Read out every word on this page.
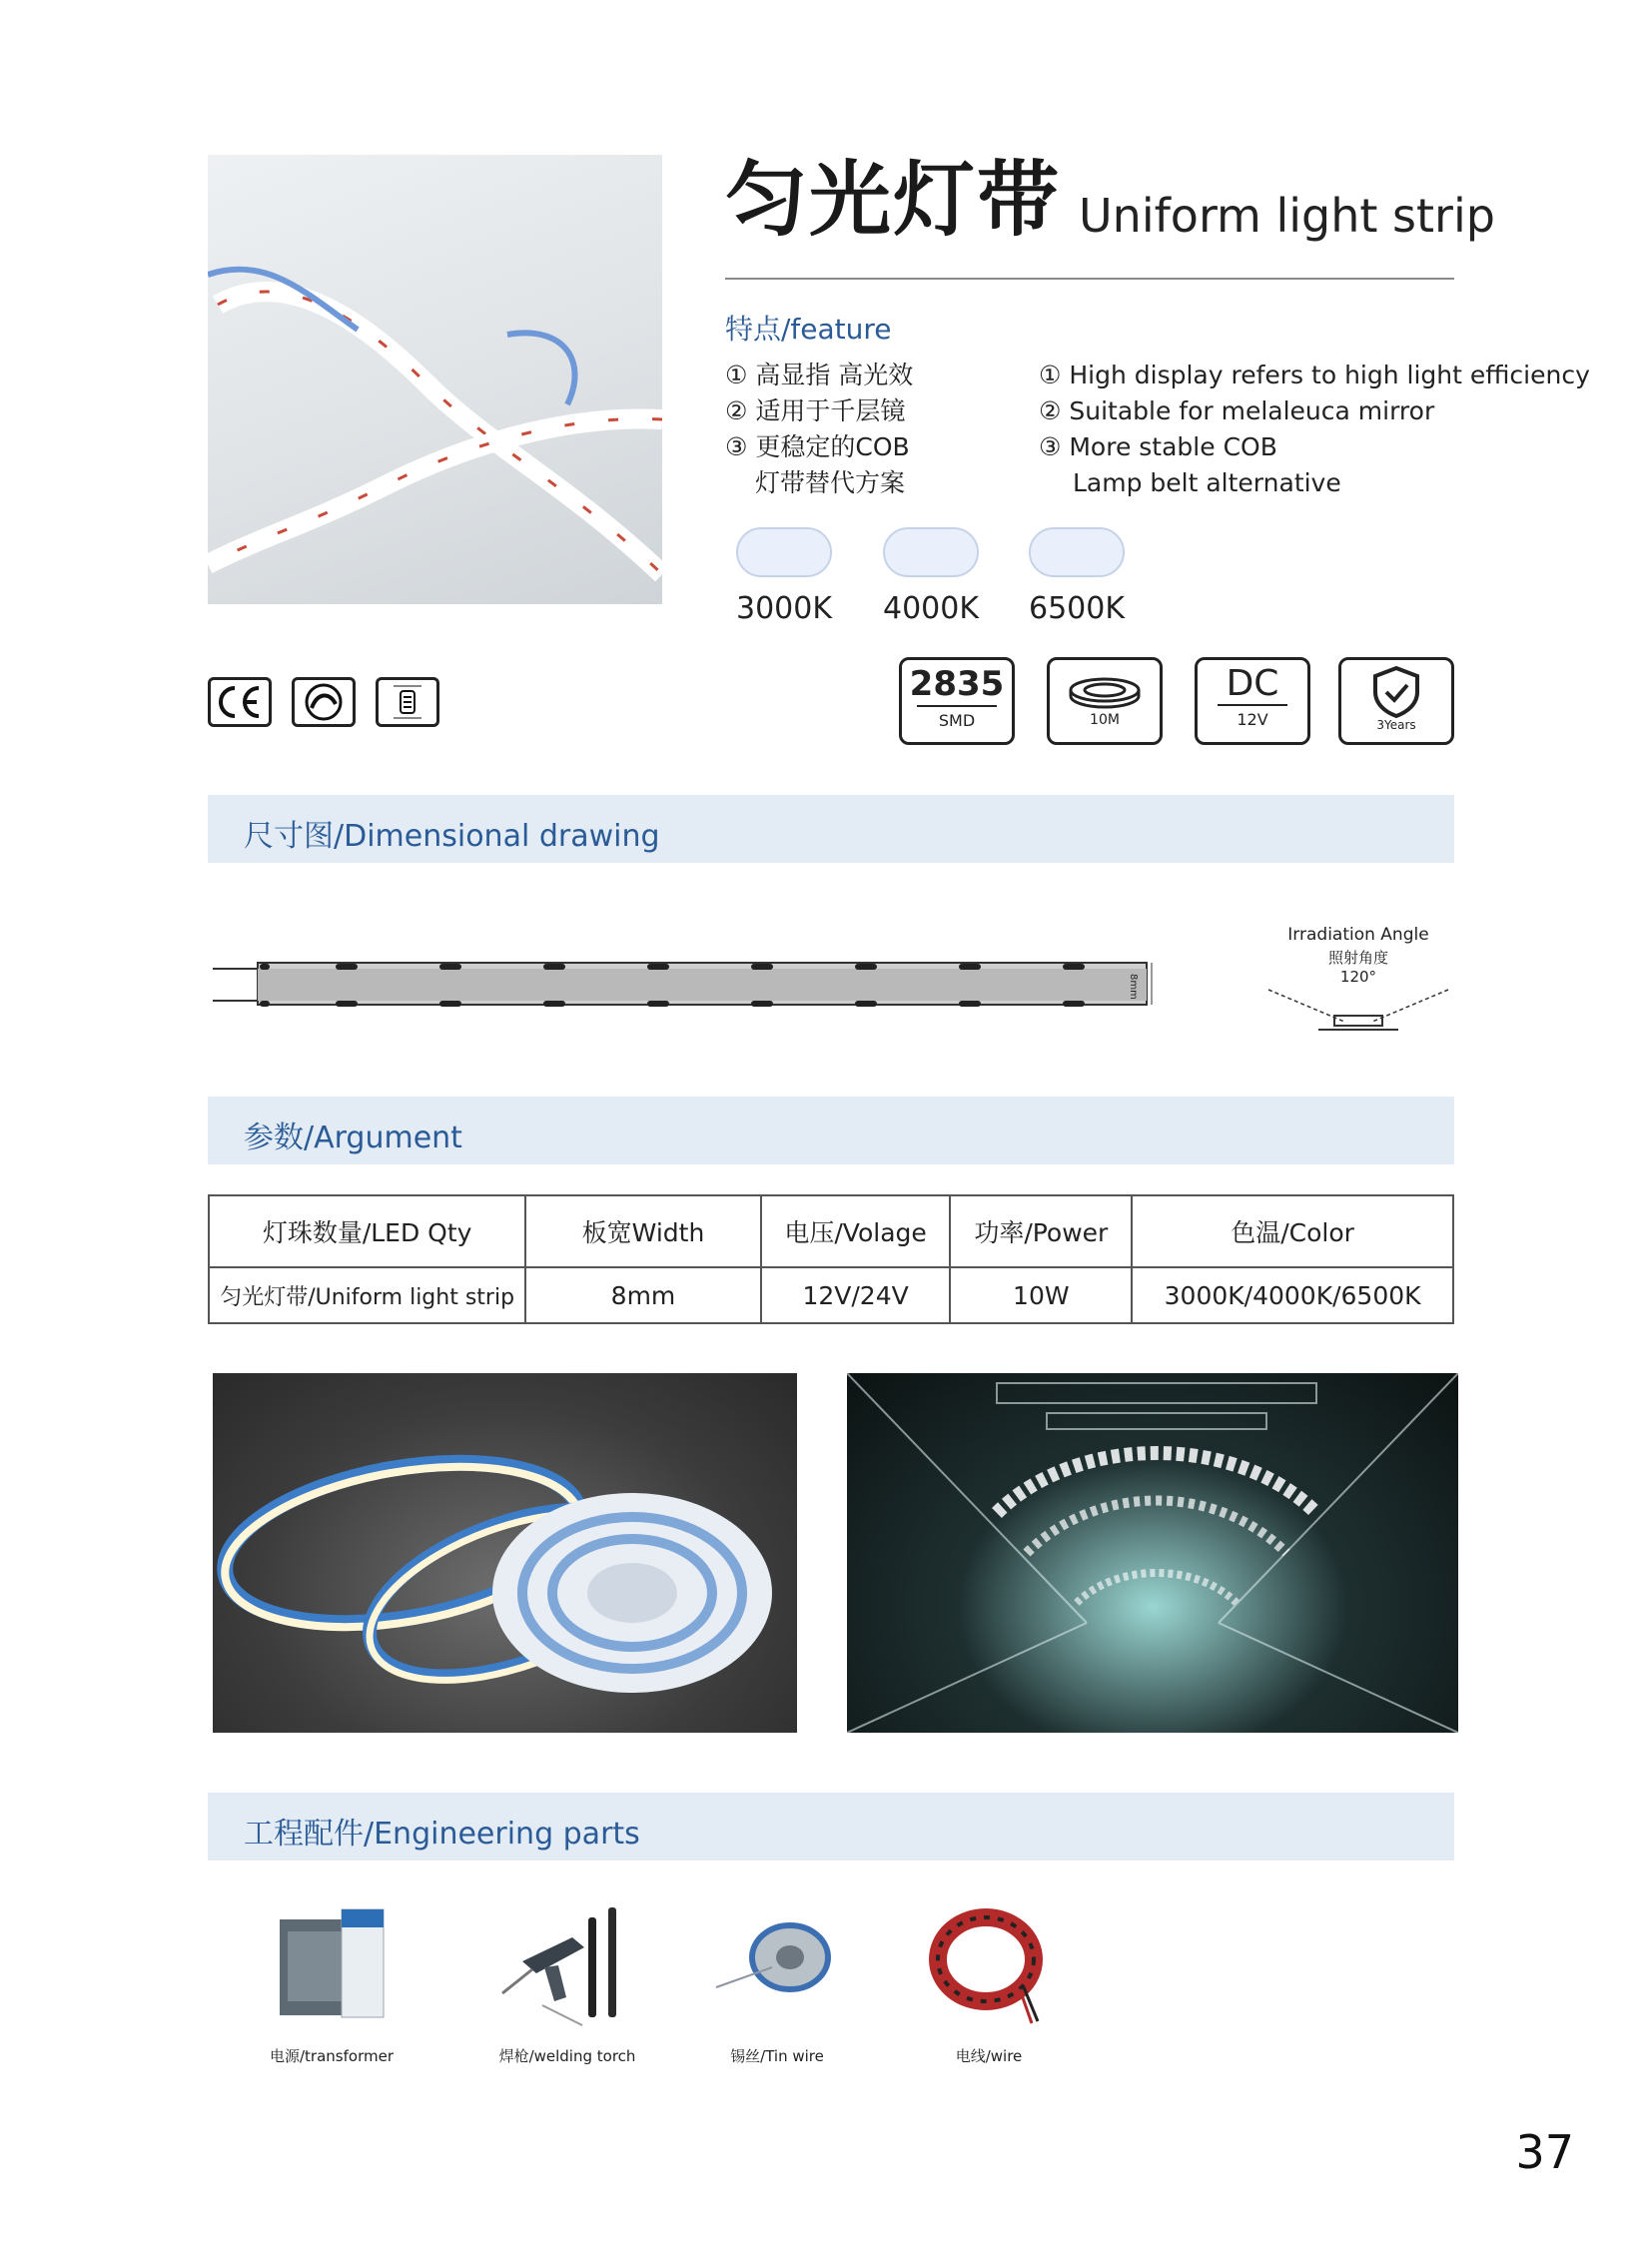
匀光灯带 Uniform light strip
特点/feature
① 高显指 高光效
② 适用于千层镜
③ 更稳定的COB
灯带替代方案
① High display refers to high light efficiency
② Suitable for melaleuca mirror
③ More stable COB
Lamp belt alternative
3000K 4000K 6500K
2835
SMD	10M
DC
12V	3Years
尺寸图/Dimensional drawing
8mm
Irradiation Angle
照射角度
120°
参数/Argument
灯珠数量/LED Qty	板宽Width	电压/Volage	功率/Power	色温/Color
匀光灯带/Uniform light strip	8mm	12V/24V	10W	3000K/4000K/6500K
工程配件/Engineering parts
电源/transformer	焊枪/welding torch	锡丝/Tin wire	电线/wire
37
